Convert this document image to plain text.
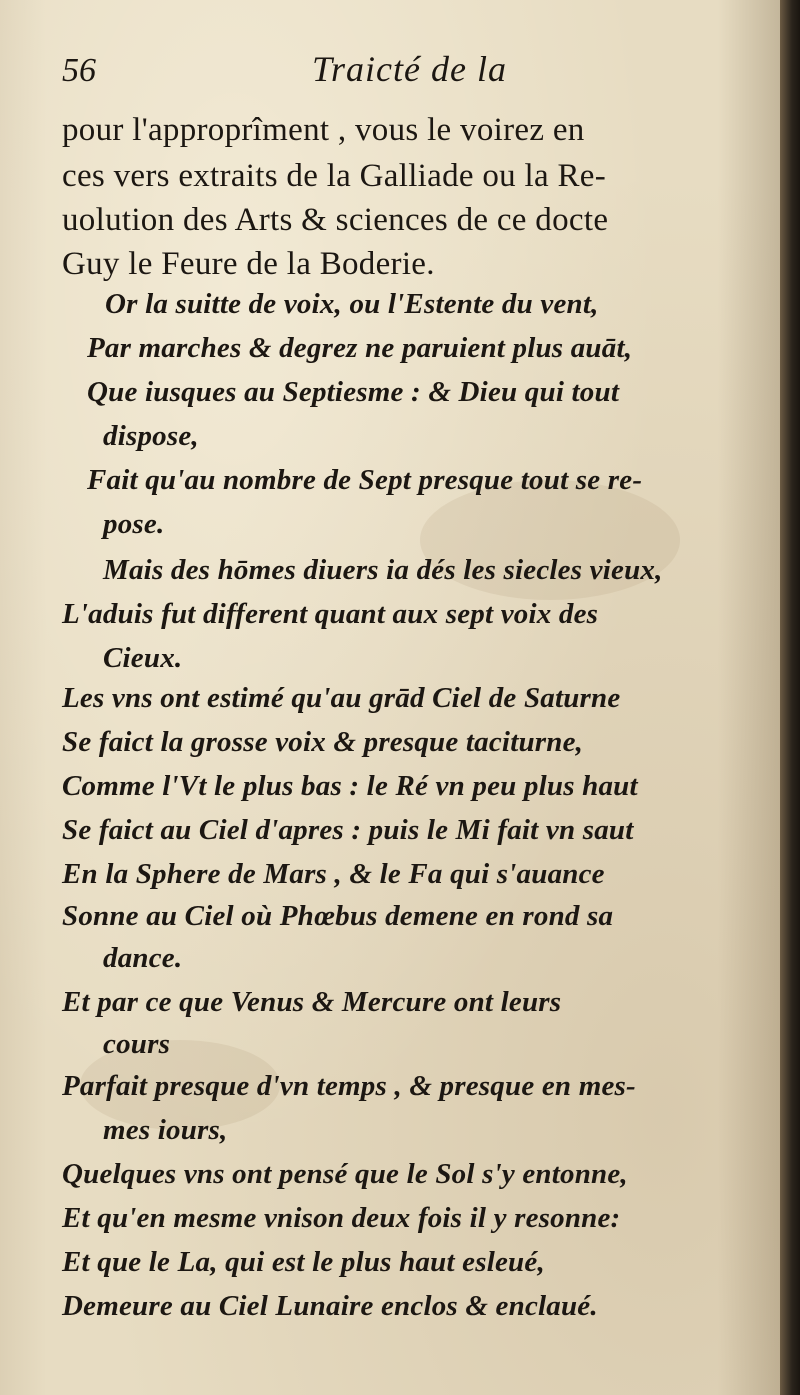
56	Traicté de la
pour l'approprîment , vous le voirez en
ces vers extraits de la Galliade ou la Re-
uolution des Arts & sciences de ce docte
Guy le Feure de la Boderie.
Or la suitte de voix, ou l'Estente du vent,
Par marches & degrez ne paruient plus auāt,
Que iusques au Septiesme : & Dieu qui tout
dispose,
Fait qu'au nombre de Sept presque tout se re-
pose.
Mais des hōmes diuers ia dés les siecles vieux,
L'aduis fut different quant aux sept voix des
Cieux.
Les vns ont estimé qu'au grād Ciel de Saturne
Se faict la grosse voix & presque taciturne,
Comme l'Vt le plus bas : le Ré vn peu plus haut
Se faict au Ciel d'apres : puis le Mi fait vn saut
En la Sphere de Mars , & le Fa qui s'auance
Sonne au Ciel où Phœbus demene en rond sa
dance.
Et par ce que Venus & Mercure ont leurs
cours
Parfait presque d'vn temps , & presque en mes-
mes iours,
Quelques vns ont pensé que le Sol s'y entonne,
Et qu'en mesme vnison deux fois il y resonne:
Et que le La, qui est le plus haut esleué,
Demeure au Ciel Lunaire enclos & enclaué.
